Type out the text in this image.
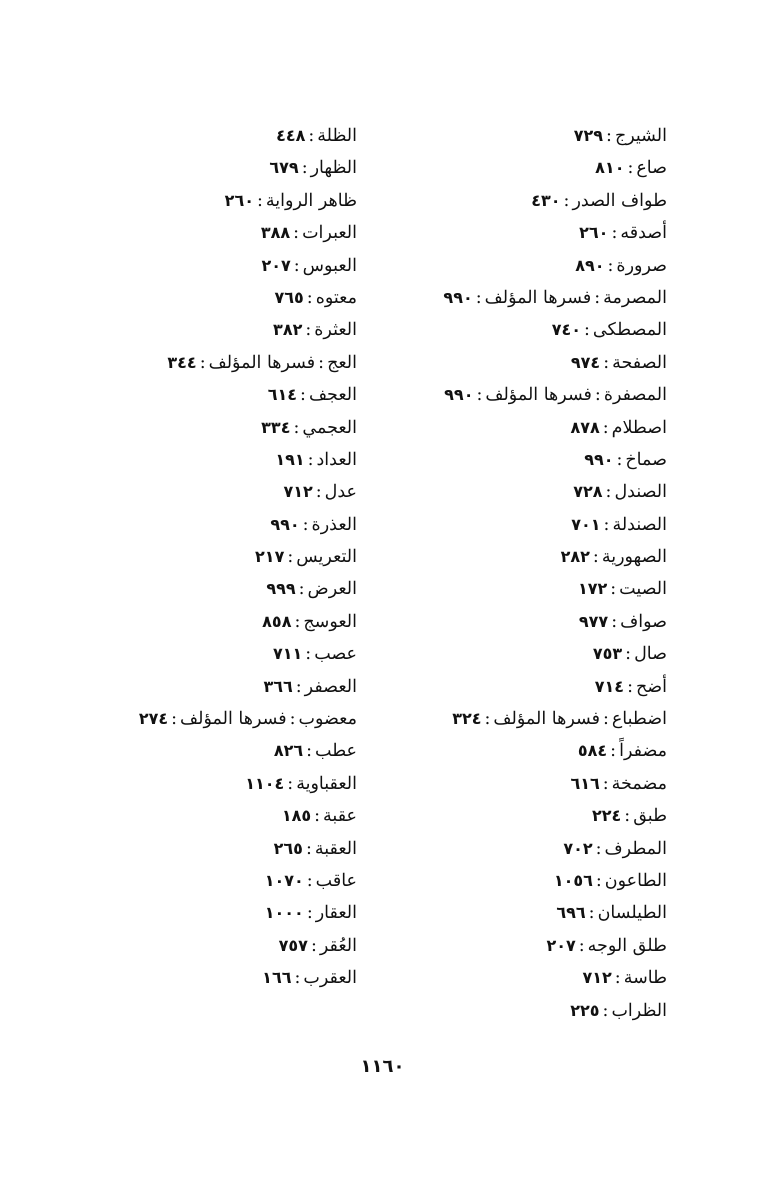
الشيرج:٧٢٩
صاع:٨١٠
طواف الصدر:٤٣٠
أصدقه:٢٦٠
صرورة:٨٩٠
المصرمة:فسرها المؤلف:٩٩٠
المصطكى:٧٤٠
الصفحة:٩٧٤
المصفرة:فسرها المؤلف:٩٩٠
اصطلام:٨٧٨
صماخ:٩٩٠
الصندل:٧٢٨
الصندلة:٧٠١
الصهورية:٢٨٢
الصيت:١٧٢
صواف:٩٧٧
صال:٧٥٣
أضح:٧١٤
اضطباع:فسرها المؤلف:٣٢٤
مضفراً:٥٨٤
مضمخة:٦١٦
طبق:٢٢٤
المطرف:٧٠٢
الطاعون:١٠٥٦
الطيلسان:٦٩٦
طلق الوجه:٢٠٧
طاسة:٧١٢
الظراب:٢٢٥
الظلة:٤٤٨
الظهار:٦٧٩
ظاهر الرواية:٢٦٠
العبرات:٣٨٨
العبوس:٢٠٧
معتوه:٧٦٥
العثرة:٣٨٢
العج:فسرها المؤلف:٣٤٤
العجف:٦١٤
العجمي:٣٣٤
العداد:١٩١
عدل:٧١٢
العذرة:٩٩٠
التعريس:٢١٧
العرض:٩٩٩
العوسج:٨٥٨
عصب:٧١١
العصفر:٣٦٦
معضوب:فسرها المؤلف:٢٧٤
عطب:٨٢٦
العقباوية:١١٠٤
عقبة:١٨٥
العقبة:٢٦٥
عاقب:١٠٧٠
العقار:١٠٠٠
العُقر:٧٥٧
العقرب:١٦٦
١١٦٠
